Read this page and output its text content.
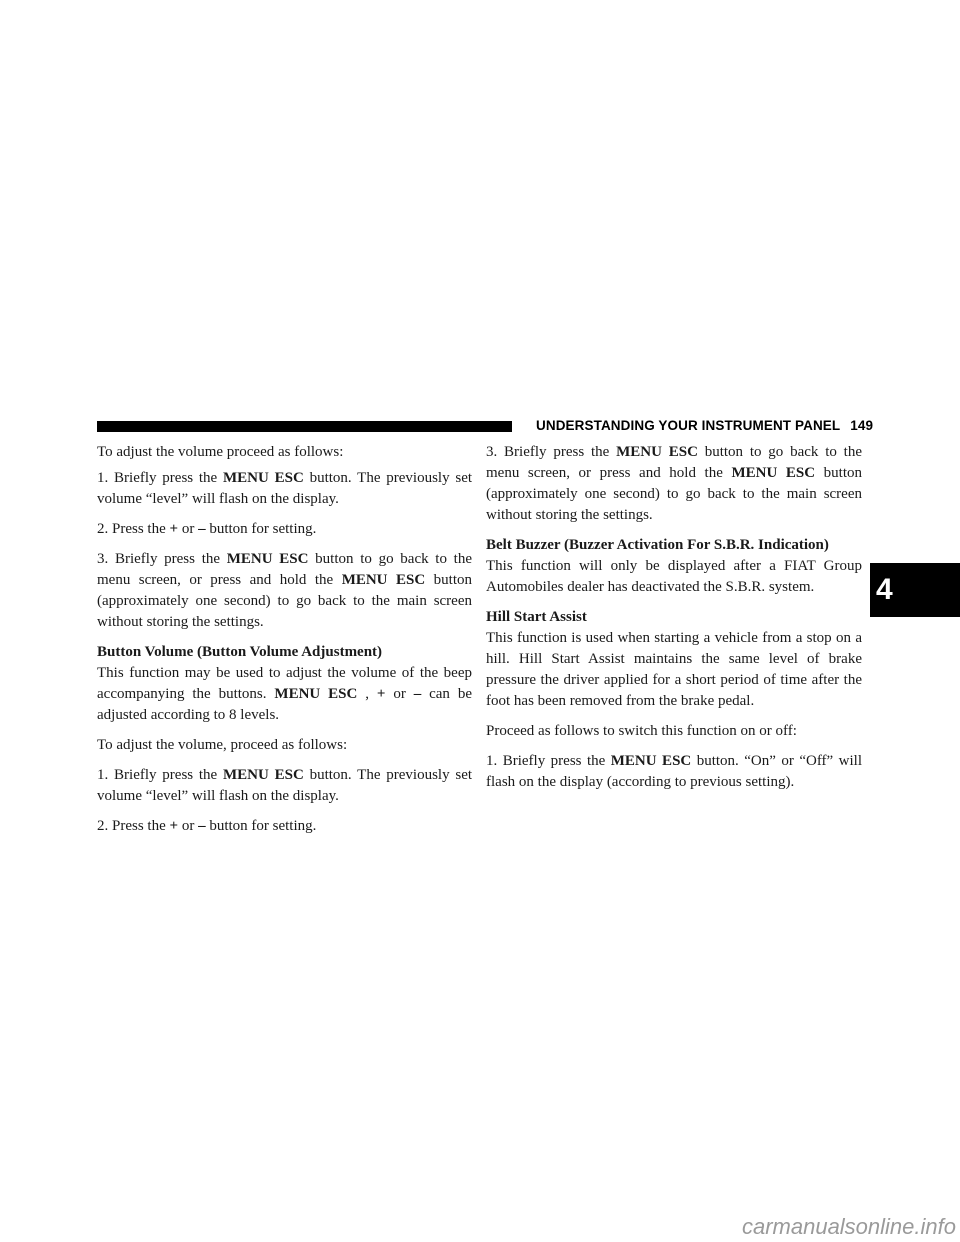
UNDERSTANDING YOUR INSTRUMENT PANEL 149
4

To adjust the volume proceed as follows:

1. Briefly press the MENU ESC button. The previously set volume “level” will flash on the display.

2. Press the + or – button for setting.

3. Briefly press the MENU ESC button to go back to the menu screen, or press and hold the MENU ESC button (approximately one second) to go back to the main screen without storing the settings.

Button Volume (Button Volume Adjustment)

This function may be used to adjust the volume of the beep accompanying the buttons. MENU ESC , + or – can be adjusted according to 8 levels.

To adjust the volume, proceed as follows:

1. Briefly press the MENU ESC button. The previously set volume “level” will flash on the display.

2. Press the + or – button for setting.

3. Briefly press the MENU ESC button to go back to the menu screen, or press and hold the MENU ESC button (approximately one second) to go back to the main screen without storing the settings.

Belt Buzzer (Buzzer Activation For S.B.R. Indication)

This function will only be displayed after a FIAT Group Automobiles dealer has deactivated the S.B.R. system.

Hill Start Assist

This function is used when starting a vehicle from a stop on a hill. Hill Start Assist maintains the same level of brake pressure the driver applied for a short period of time after the foot has been removed from the brake pedal.

Proceed as follows to switch this function on or off:

1. Briefly press the MENU ESC button. “On” or “Off” will flash on the display (according to previous setting).

carmanualsonline.info
